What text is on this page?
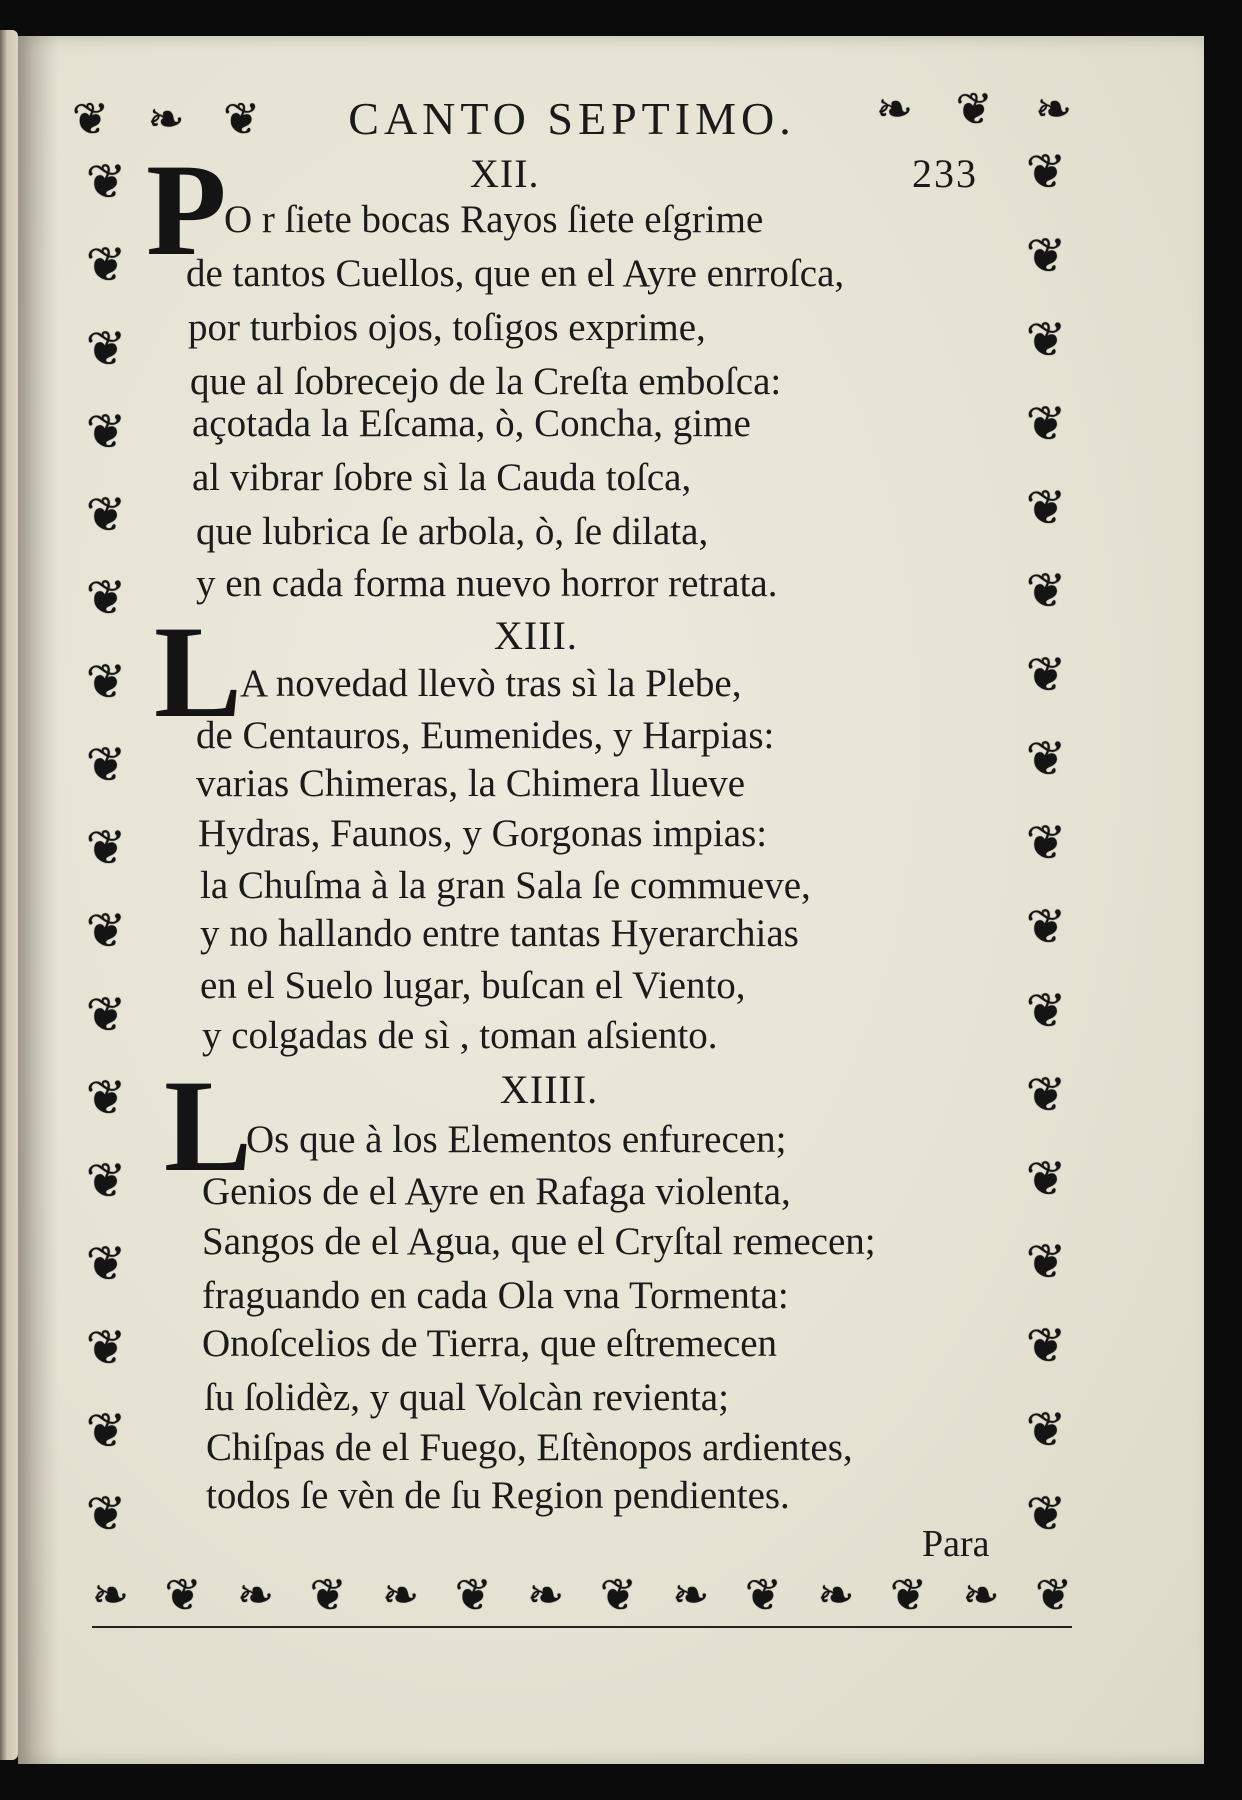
❦ ❧ ❦	❧ ❦ ❧
❦
❦
❦
❦
❦
❦
❦
❦
❦
❦
❦
❦
❦
❦
❦
❦
❦
❦
❦
❦
❦
❦
❦
❦
❦
❦
❦
❦
❦
❦
❦
❦
❦
❦
❧ ❦ ❧ ❦ ❧ ❦ ❧ ❦ ❧ ❦ ❧ ❦ ❧ ❦
CANTO SEPTIMO.
233
XII.
P
O r ſiete bocas Rayos ſiete eſgrime
de tantos Cuellos, que en el Ayre enrroſca,
por turbios ojos, toſigos exprime,
que al ſobrecejo de la Creſta emboſca:
açotada la Eſcama, ò, Concha, gime
al vibrar ſobre sì la Cauda toſca,
que lubrica ſe arbola, ò, ſe dilata,
y en cada forma nuevo horror retrata.
XIII.
L
A novedad llevò tras sì la Plebe,
de Centauros, Eumenides, y Harpias:
varias Chimeras, la Chimera llueve
Hydras, Faunos, y Gorgonas impias:
la Chuſma à la gran Sala ſe commueve,
y no hallando entre tantas Hyerarchias
en el Suelo lugar, buſcan el Viento,
y colgadas de sì , toman aſsiento.
XIIII.
L
Os que à los Elementos enfurecen;
Genios de el Ayre en Rafaga violenta,
Sangos de el Agua, que el Cryſtal remecen;
fraguando en cada Ola vna Tormenta:
Onoſcelios de Tierra, que eſtremecen
ſu ſolidèz, y qual Volcàn revienta;
Chiſpas de el Fuego, Eſtènopos ardientes,
todos ſe vèn de ſu Region pendientes.
Para
